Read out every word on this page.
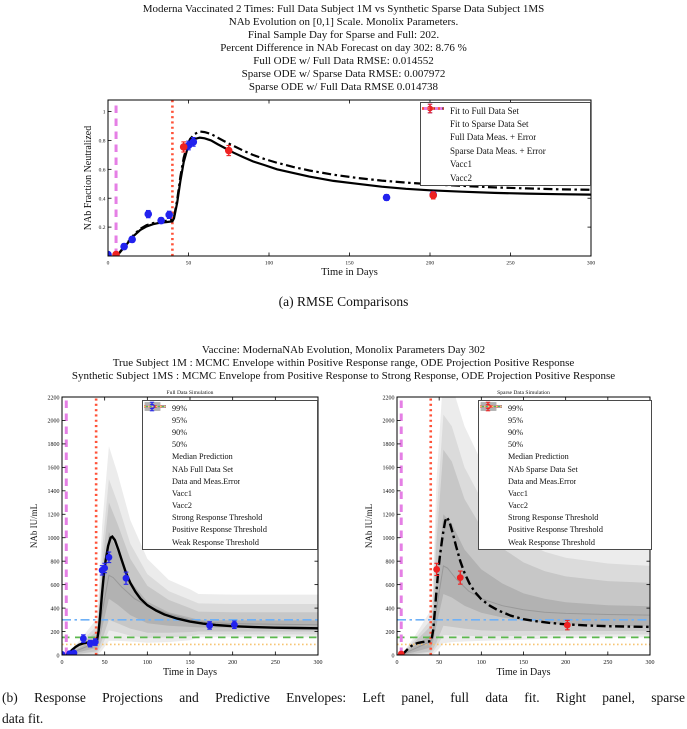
Moderna Vaccinated 2 Times: Full Data Subject 1M vs Synthetic Sparse Data Subject 1MS
NAb Evolution on [0,1] Scale. Monolix Parameters.
Final Sample Day for Sparse and Full: 202.
Percent Difference in NAb Forecast on day 302: 8.76 %
Full ODE w/ Full Data RMSE: 0.014552
Sparse ODE w/ Sparse Data RMSE: 0.007972
Sparse ODE w/ Full Data RMSE 0.014738
0	50	100	150	200	250	300
0.2
0.4
0.6
0.8
1
Time in Days
NAb Fraction Neutralized
Fit to Full Data Set
Fit to Sparse Data Set
Full Data Meas. + Error
Sparse Data Meas. + Error
Vacc1
Vacc2
(a) RMSE Comparisons
Vaccine: ModernaNAb Evolution, Monolix Parameters Day 302
True Subject 1M : MCMC Envelope within Positive Response range, ODE Projection Positive Response
Synthetic Subject 1MS : MCMC Envelope from Positive Response to Strong Response, ODE Projection Positive Response
0	50	100	150	200	250	300
0
200
400
600
800
1000
1200
1400
1600
1800
2000
2200
Time in Days
NAb IU/mL
Full Data Simulation
99%
95%
90%
50%
Median Prediction
NAb Full Data Set
Data and Meas.Error
Vacc1
Vacc2
Strong Response Threshold
Positive Response Threshold
Weak Response Threshold
0	50	100	150	200	250	300
0
200
400
600
800
1000
1200
1400
1600
1800
2000
2200
Time in Days
NAb IU/mL
Sparse Data Simulation
99%
95%
90%
50%
Median Prediction
NAb Sparse Data Set
Data and Meas.Error
Vacc1
Vacc2
Strong Response Threshold
Positive Response Threshold
Weak Response Threshold
(b) Response Projections and Predictive Envelopes: Left panel, full data fit. Right panel, sparse
data fit.
